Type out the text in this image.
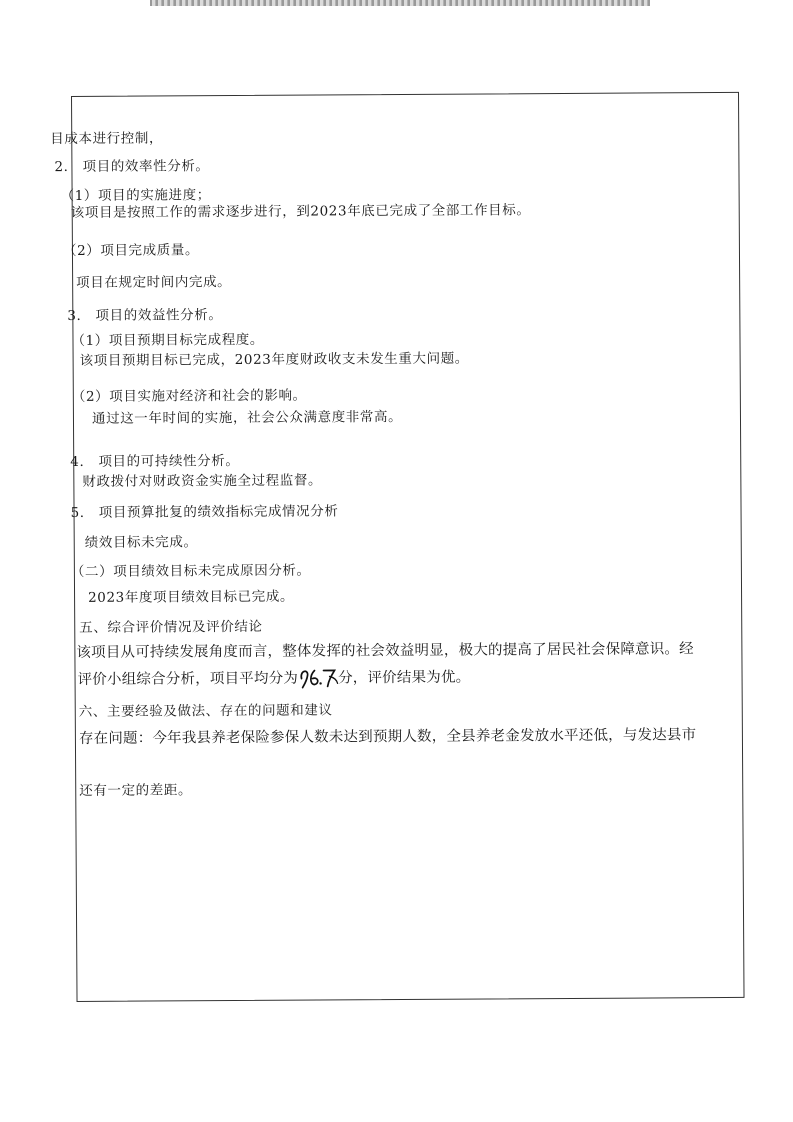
目成本进行控制，
2.　项目的效率性分析。
（1）项目的实施进度；
该项目是按照工作的需求逐步进行，到2023年底已完成了全部工作目标。
（2）项目完成质量。
项目在规定时间内完成。
3.　项目的效益性分析。
（1）项目预期目标完成程度。
该项目预期目标已完成，2023年度财政收支未发生重大问题。
（2）项目实施对经济和社会的影响。
通过这一年时间的实施，社会公众满意度非常高。
4.　项目的可持续性分析。
财政拨付对财政资金实施全过程监督。
5.　项目预算批复的绩效指标完成情况分析
绩效目标未完成。
（二）项目绩效目标未完成原因分析。
2023年度项目绩效目标已完成。
五、综合评价情况及评价结论
该项目从可持续发展角度而言，整体发挥的社会效益明显，极大的提高了居民社会保障意识。经
评价小组综合分析，项目平均分为	分，评价结果为优。
六、主要经验及做法、存在的问题和建议
存在问题：今年我县养老保险参保人数未达到预期人数，全县养老金发放水平还低，与发达县市
还有一定的差距。
